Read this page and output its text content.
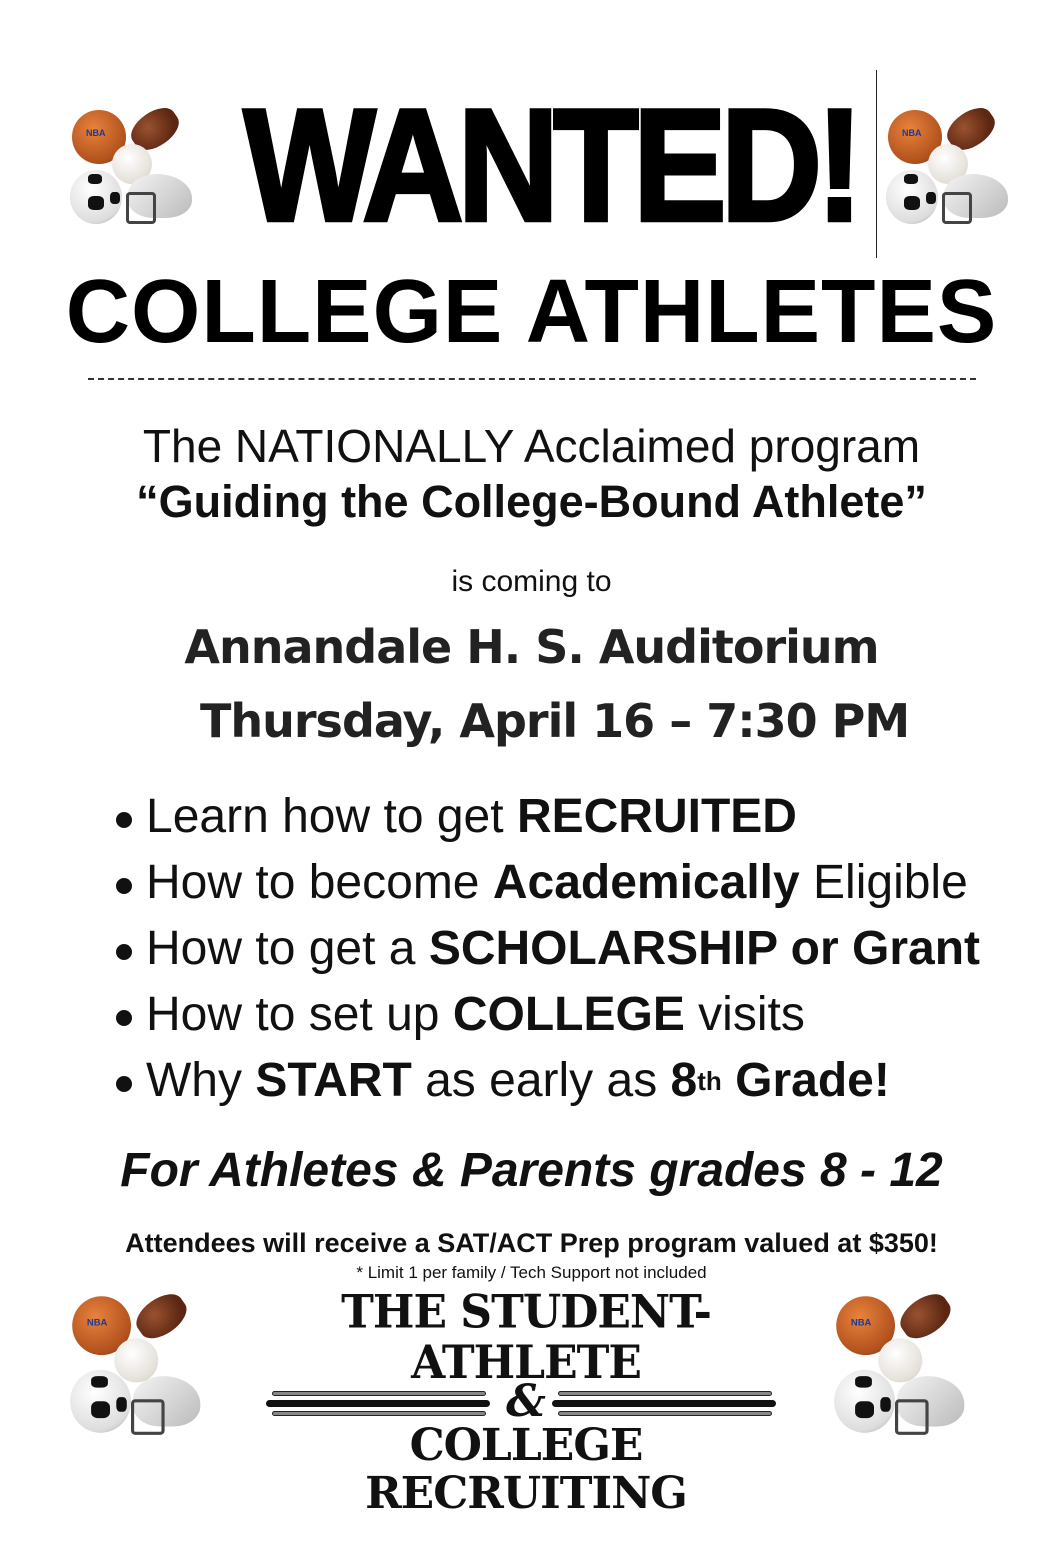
NBA	NBA
WANTED!
COLLEGE ATHLETES
The NATIONALLY Acclaimed program
“Guiding the College-Bound Athlete”
is coming to
Annandale H. S. Auditorium
Thursday, April 16 – 7:30 PM
Learn how to get
RECRUITED
How to become
Academically Eligible
How to get a
SCHOLARSHIP or Grant
How to set up
COLLEGE visits
Why START as early as 8 th Grade!
For Athletes & Parents grades 8 - 12
Attendees will receive a SAT/ACT Prep program valued at $350!
* Limit 1 per family / Tech Support not included
NBA	NBA
THE STUDENT-ATHLETE
&
COLLEGE RECRUITING
